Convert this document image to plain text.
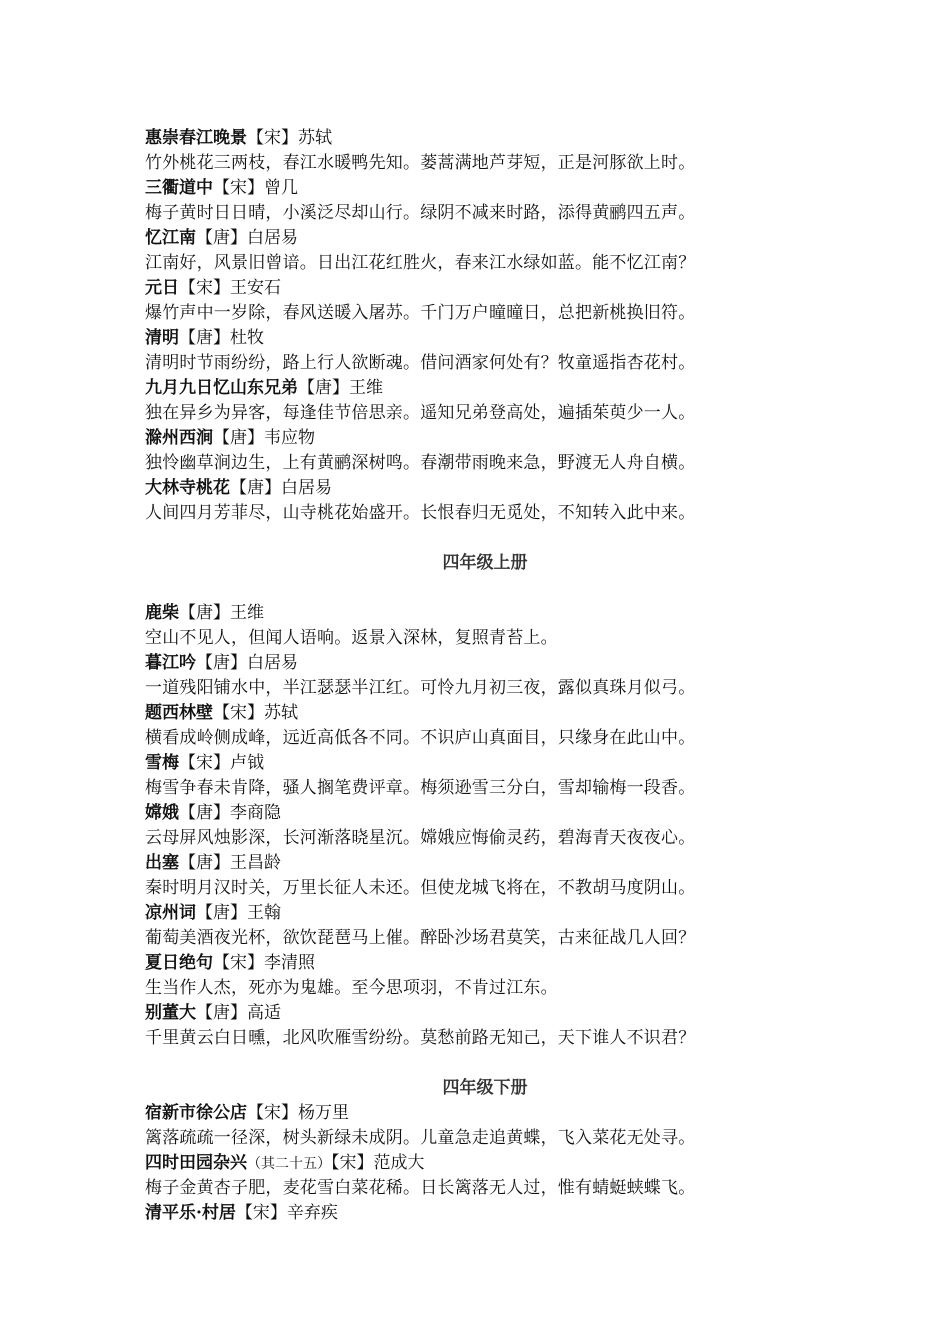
惠崇春江晚景【宋】苏轼
竹外桃花三两枝，春江水暖鸭先知。蒌蒿满地芦芽短，正是河豚欲上时。
三衢道中【宋】曾几
梅子黄时日日晴，小溪泛尽却山行。绿阴不减来时路，添得黄鹂四五声。
忆江南【唐】白居易
江南好，风景旧曾谙。日出江花红胜火，春来江水绿如蓝。能不忆江南？
元日【宋】王安石
爆竹声中一岁除，春风送暖入屠苏。千门万户曈曈日，总把新桃换旧符。
清明【唐】杜牧
清明时节雨纷纷，路上行人欲断魂。借问酒家何处有？牧童遥指杏花村。
九月九日忆山东兄弟【唐】王维
独在异乡为异客，每逢佳节倍思亲。遥知兄弟登高处，遍插茱萸少一人。
滁州西涧【唐】韦应物
独怜幽草涧边生，上有黄鹂深树鸣。春潮带雨晚来急，野渡无人舟自横。
大林寺桃花【唐】白居易
人间四月芳菲尽，山寺桃花始盛开。长恨春归无觅处，不知转入此中来。
四年级上册
鹿柴【唐】王维
空山不见人，但闻人语响。返景入深林，复照青苔上。
暮江吟【唐】白居易
一道残阳铺水中，半江瑟瑟半江红。可怜九月初三夜，露似真珠月似弓。
题西林壁【宋】苏轼
横看成岭侧成峰，远近高低各不同。不识庐山真面目，只缘身在此山中。
雪梅【宋】卢钺
梅雪争春未肯降，骚人搁笔费评章。梅须逊雪三分白，雪却输梅一段香。
嫦娥【唐】李商隐
云母屏风烛影深，长河渐落晓星沉。嫦娥应悔偷灵药，碧海青天夜夜心。
出塞【唐】王昌龄
秦时明月汉时关，万里长征人未还。但使龙城飞将在，不教胡马度阴山。
凉州词【唐】王翰
葡萄美酒夜光杯，欲饮琵琶马上催。醉卧沙场君莫笑，古来征战几人回？
夏日绝句【宋】李清照
生当作人杰，死亦为鬼雄。至今思项羽，不肯过江东。
别董大【唐】高适
千里黄云白日曛，北风吹雁雪纷纷。莫愁前路无知己，天下谁人不识君？
四年级下册
宿新市徐公店【宋】杨万里
篱落疏疏一径深，树头新绿未成阴。儿童急走追黄蝶，飞入菜花无处寻。
四时田园杂兴（其二十五）【宋】范成大
梅子金黄杏子肥，麦花雪白菜花稀。日长篱落无人过，惟有蜻蜓蛱蝶飞。
清平乐·村居【宋】辛弃疾
